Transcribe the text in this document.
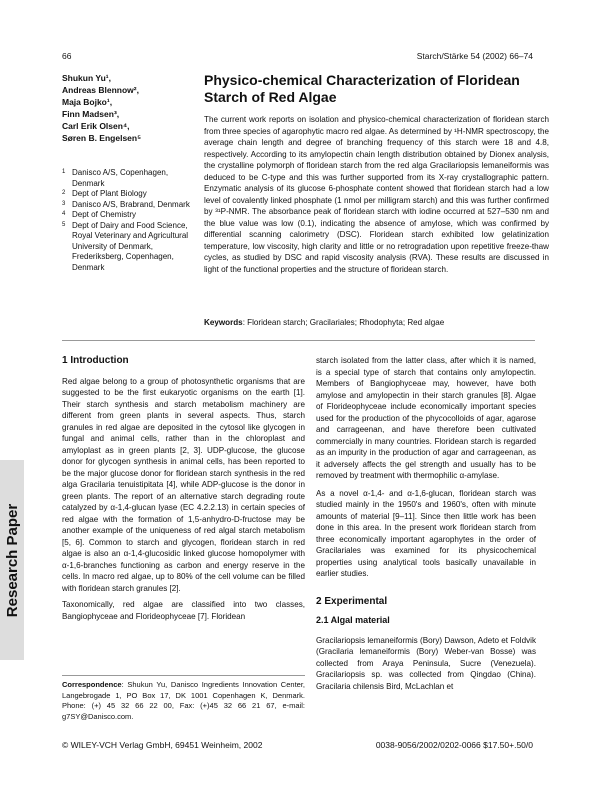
66	Starch/Stärke 54 (2002) 66–74
Research Paper
Shukun Yu¹,
Andreas Blennow²,
Maja Bojko¹,
Finn Madsen³,
Carl Erik Olsen⁴,
Søren B. Engelsen⁵
1 Danisco A/S, Copenhagen, Denmark
2 Dept of Plant Biology
3 Danisco A/S, Brabrand, Denmark
4 Dept of Chemistry
5 Dept of Dairy and Food Science, Royal Veterinary and Agricultural University of Denmark, Frederiksberg, Copenhagen, Denmark
Physico-chemical Characterization of Floridean Starch of Red Algae
The current work reports on isolation and physico-chemical characterization of floridean starch from three species of agarophytic macro red algae. As determined by ¹H-NMR spectroscopy, the average chain length and degree of branching frequency of this starch were 18 and 4.8, respectively. According to its amylopectin chain length distribution obtained by Dionex analysis, the crystalline polymorph of floridean starch from the red alga Gracilariopsis lemaneiformis was deduced to be C-type and this was further supported from its X-ray crystallographic pattern. Enzymatic analysis of its glucose 6-phosphate content showed that floridean starch had a low level of covalently linked phosphate (1 nmol per milligram starch) and this was further confirmed by ³¹P-NMR. The absorbance peak of floridean starch with iodine occurred at 527–530 nm and the blue value was low (0.1), indicating the absence of amylose, which was confirmed by differential scanning calorimetry (DSC). Floridean starch exhibited low gelatinization temperature, low viscosity, high clarity and little or no retrogradation upon repetitive freeze-thaw cycles, as studied by DSC and rapid viscosity analysis (RVA). These results are discussed in light of the functional properties and the structure of floridean starch.
Keywords: Floridean starch; Gracilariales; Rhodophyta; Red algae
1 Introduction

Red algae belong to a group of photosynthetic organisms that are suggested to be the first eukaryotic organisms on the earth [1]. Their starch synthesis and starch metabolism machinery are different from green plants in several aspects. Thus, starch granules in red algae are deposited in the cytosol like glycogen in fungal and animal cells, rather than in the chloroplast and amyloplast as in green plants [2, 3]. UDP-glucose, the glucose donor for glycogen synthesis in animal cells, has been reported to be the major glucose donor for floridean starch synthesis in the red alga Gracilaria tenuistipitata [4], while ADP-glucose is the donor in green plants. The report of an alternative starch degrading route catalyzed by α-1,4-glucan lyase (EC 4.2.2.13) in certain species of red algae with the formation of 1,5-anhydro-D-fructose may be another example of the uniqueness of red algal starch metabolism [5, 6]. Common to starch and glycogen, floridean starch in red algae is also an α-1,4-glucosidic linked glucose homopolymer with α-1,6-branches functioning as carbon and energy reserve in the cells. In macro red algae, up to 80% of the cell volume can be filled with floridean starch granules [2].

Taxonomically, red algae are classified into two classes, Bangiophyceae and Florideophyceae [7]. Floridean

Correspondence: Shukun Yu, Danisco Ingredients Innovation Center, Langebrogade 1, PO Box 17, DK 1001 Copenhagen K, Denmark. Phone: (+) 45 32 66 22 00, Fax: (+)45 32 66 21 67, e-mail: g7SY@Danisco.com.

starch isolated from the latter class, after which it is named, is a special type of starch that contains only amylopectin. Members of Bangiophyceae may, however, have both amylose and amylopectin in their starch granules [8]. Algae of Florideophyceae include economically important species used for the production of the phycocolloids of agar, agarose and carrageenan, and have therefore been cultivated commercially in many countries. Floridean starch is regarded as an impurity in the production of agar and carrageenan, as it adversely affects the gel strength and usually has to be removed by treatment with thermophilic α-amylase.

As a novel α-1,4- and α-1,6-glucan, floridean starch was studied mainly in the 1950's and 1960's, often with minute amounts of material [9–11]. Since then little work has been done in this area. In the present work floridean starch from three economically important agarophytes in the order of Gracilariales was examined for its physicochemical properties using analytical tools basically unavailable in earlier studies.

2 Experimental
2.1 Algal material

Gracilariopsis lemaneiformis (Bory) Dawson, Adeto et Foldvik (Gracilaria lemaneiformis (Bory) Weber-van Bosse) was collected from Araya Peninsula, Sucre (Venezuela). Gracilariopsis sp. was collected from Qingdao (China). Gracilaria chilensis Bird, McLachlan et

© WILEY-VCH Verlag GmbH, 69451 Weinheim, 2002	0038-9056/2002/0202-0066 $17.50+.50/0
